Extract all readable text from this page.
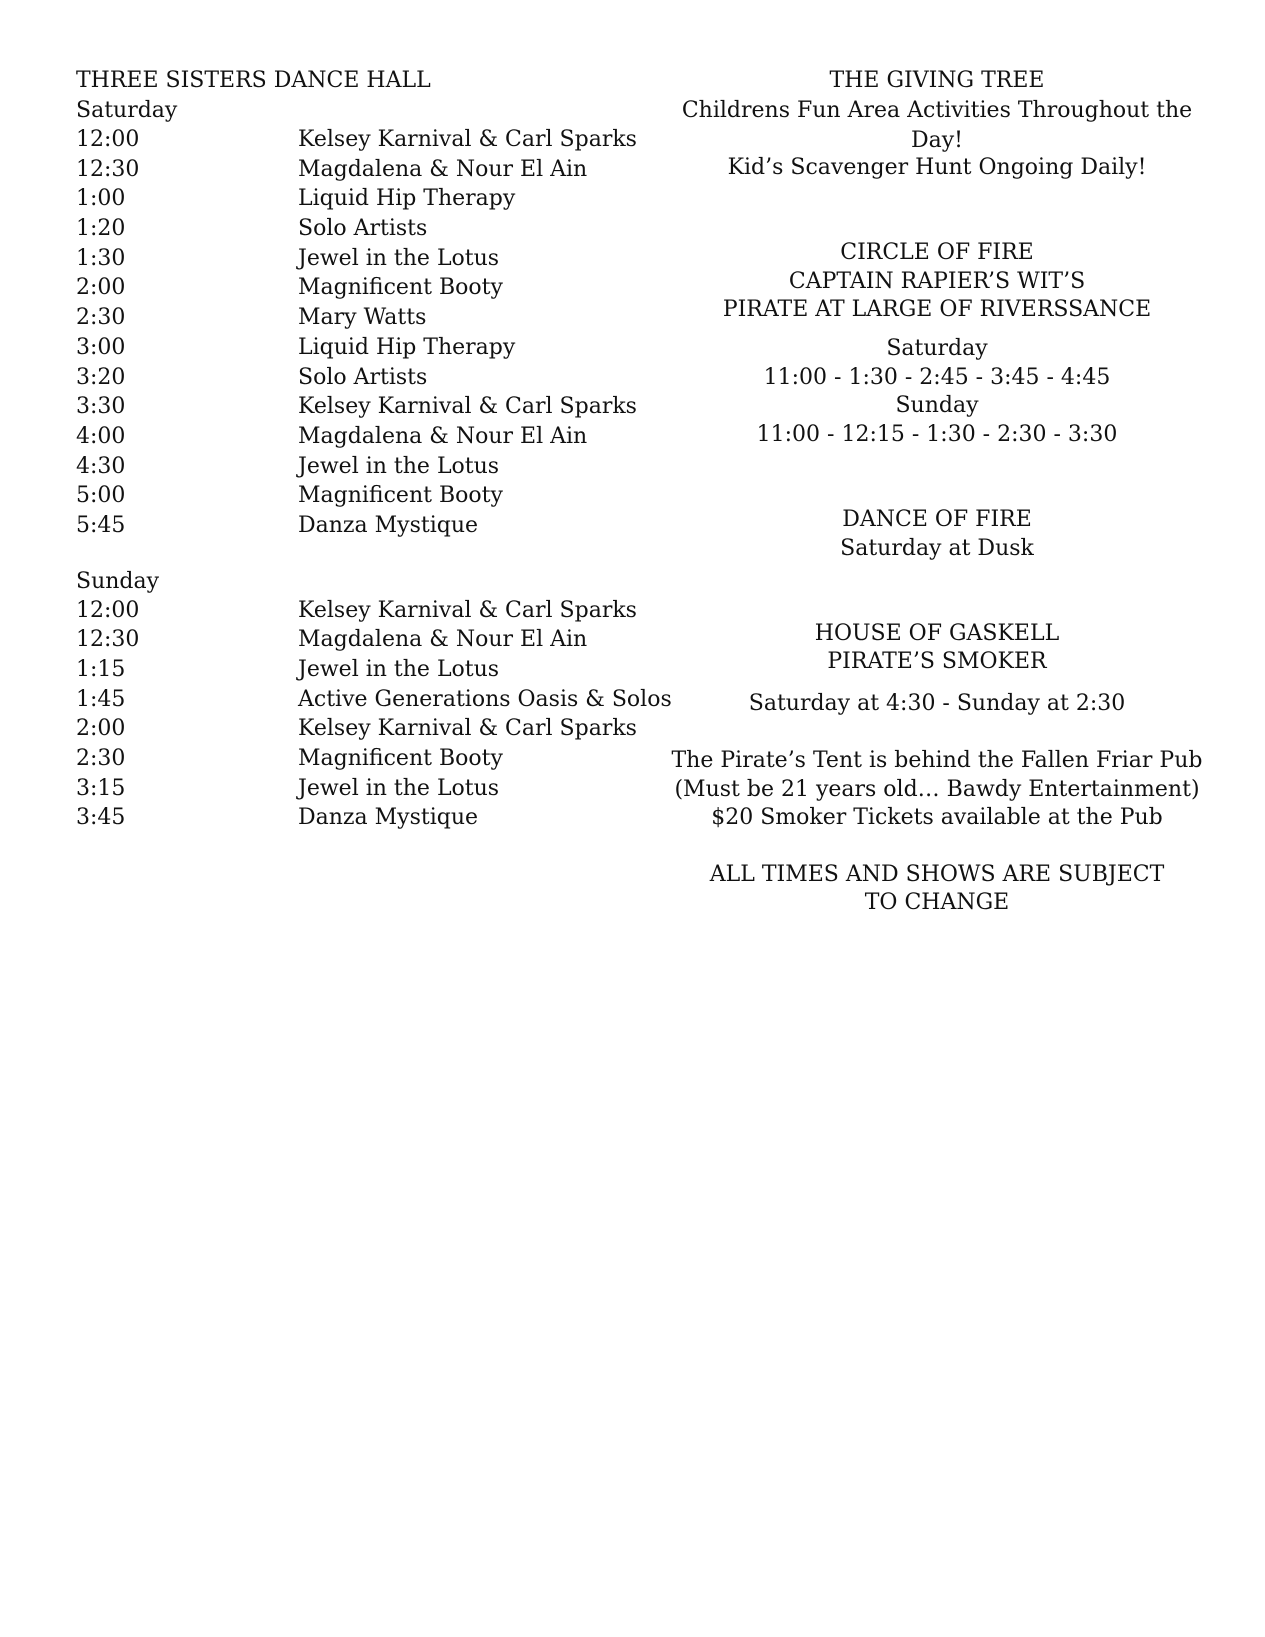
THREE SISTERS DANCE HALL
Saturday
12:00	Kelsey Karnival & Carl Sparks
12:30	Magdalena & Nour El Ain
1:00	Liquid Hip Therapy
1:20	Solo Artists
1:30	Jewel in the Lotus
2:00	Magnificent Booty
2:30	Mary Watts
3:00	Liquid Hip Therapy
3:20	Solo Artists
3:30	Kelsey Karnival & Carl Sparks
4:00	Magdalena & Nour El Ain
4:30	Jewel in the Lotus
5:00	Magnificent Booty
5:45	Danza Mystique
Sunday
12:00	Kelsey Karnival & Carl Sparks
12:30	Magdalena & Nour El Ain
1:15	Jewel in the Lotus
1:45	Active Generations Oasis & Solos
2:00	Kelsey Karnival & Carl Sparks
2:30	Magnificent Booty
3:15	Jewel in the Lotus
3:45	Danza Mystique
THE GIVING TREE
Childrens Fun Area Activities Throughout the Day!
Kid’s Scavenger Hunt Ongoing Daily!
CIRCLE OF FIRE
CAPTAIN RAPIER’S WIT’S
PIRATE AT LARGE OF RIVERSSANCE
Saturday
11:00 - 1:30 - 2:45 - 3:45 - 4:45
Sunday
11:00 - 12:15 - 1:30 - 2:30 - 3:30
DANCE OF FIRE
Saturday at Dusk
HOUSE OF GASKELL
PIRATE’S SMOKER
Saturday at 4:30 - Sunday at 2:30
The Pirate’s Tent is behind the Fallen Friar Pub
(Must be 21 years old… Bawdy Entertainment)
$20 Smoker Tickets available at the Pub
ALL TIMES AND SHOWS ARE SUBJECT
TO CHANGE
